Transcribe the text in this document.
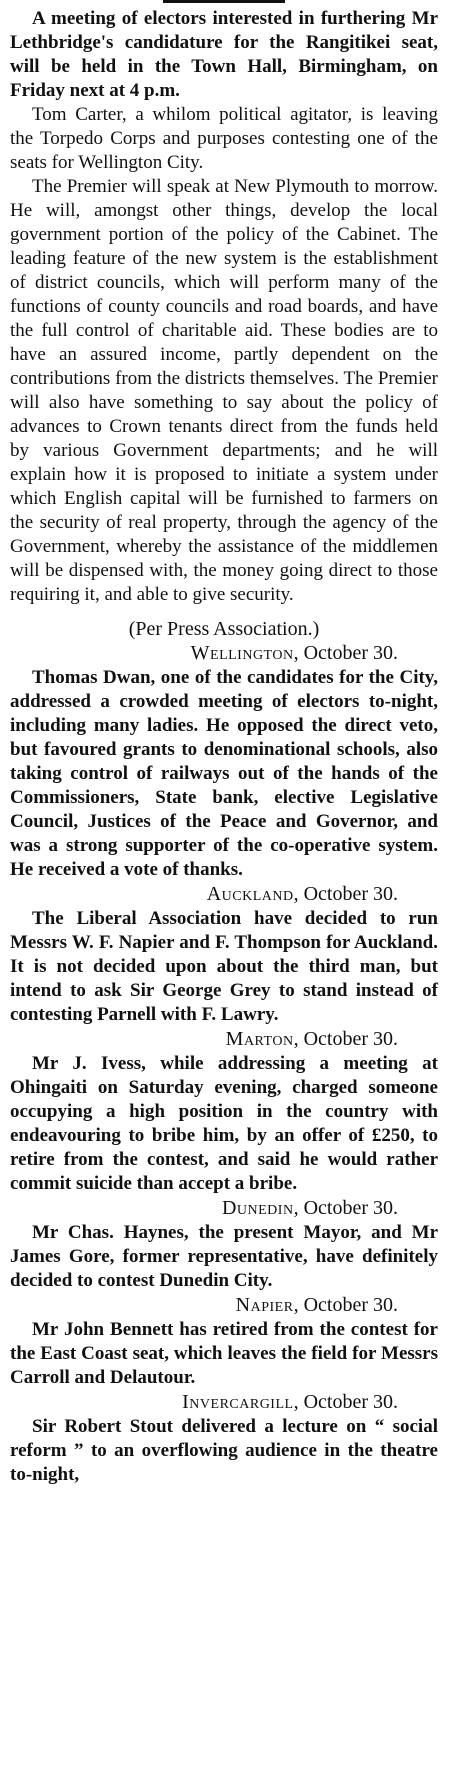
A meeting of electors interested in furthering Mr Lethbridge's candidature for the Rangitikei seat, will be held in the Town Hall, Birmingham, on Friday next at 4 p.m.

Tom Carter, a whilom political agitator, is leaving the Torpedo Corps and purposes contesting one of the seats for Wellington City.

The Premier will speak at New Plymouth to morrow. He will, amongst other things, develop the local government portion of the policy of the Cabinet. The leading feature of the new system is the establishment of district councils, which will perform many of the functions of county councils and road boards, and have the full control of charitable aid. These bodies are to have an assured income, partly dependent on the contributions from the districts themselves. The Premier will also have something to say about the policy of advances to Crown tenants direct from the funds held by various Government departments; and he will explain how it is proposed to initiate a system under which English capital will be furnished to farmers on the security of real property, through the agency of the Government, whereby the assistance of the middlemen will be dispensed with, the money going direct to those requiring it, and able to give security.

(Per Press Association.)
Wellington, October 30.

Thomas Dwan, one of the candidates for the City, addressed a crowded meeting of electors to-night, including many ladies. He opposed the direct veto, but favoured grants to denominational schools, also taking control of railways out of the hands of the Commissioners, State bank, elective Legislative Council, Justices of the Peace and Governor, and was a strong supporter of the co-operative system. He received a vote of thanks.

Auckland, October 30.

The Liberal Association have decided to run Messrs W. F. Napier and F. Thompson for Auckland. It is not decided upon about the third man, but intend to ask Sir George Grey to stand instead of contesting Parnell with F. Lawry.

Marton, October 30.

Mr J. Ivess, while addressing a meeting at Ohingaiti on Saturday evening, charged someone occupying a high position in the country with endeavouring to bribe him, by an offer of £250, to retire from the contest, and said he would rather commit suicide than accept a bribe.

Dunedin, October 30.

Mr Chas. Haynes, the present Mayor, and Mr James Gore, former representative, have definitely decided to contest Dunedin City.

Napier, October 30.

Mr John Bennett has retired from the contest for the East Coast seat, which leaves the field for Messrs Carroll and Delautour.

Invercargill, October 30.

Sir Robert Stout delivered a lecture on “ social reform ” to an overflowing audience in the theatre to-night,
